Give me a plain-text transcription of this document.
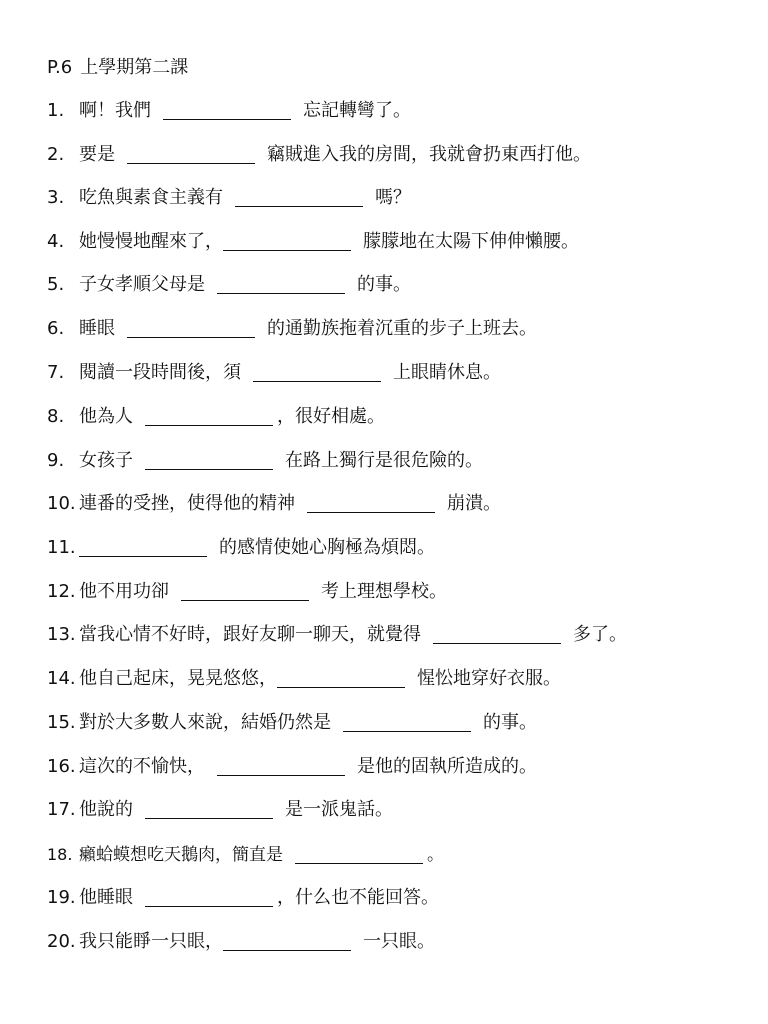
P.6 上學期第二課
1. 啊！我們	忘記轉彎了。
2. 要是	竊賊進入我的房間，我就會扔東西打他。
3. 吃魚與素食主義有	嗎？
4. 她慢慢地醒來了，	朦朦地在太陽下伸伸懶腰。
5. 子女孝順父母是	的事。
6. 睡眼	的通勤族拖着沉重的步子上班去。
7. 閱讀一段時間後，須	上眼睛休息。
8. 他為人	，很好相處。
9. 女孩子	在路上獨行是很危險的。
10. 連番的受挫，使得他的精神	崩潰。
11.	的感情使她心胸極為煩悶。
12. 他不用功卻	考上理想學校。
13. 當我心情不好時，跟好友聊一聊天，就覺得	多了。
14. 他自己起床，晃晃悠悠，	惺忪地穿好衣服。
15. 對於大多數人來說，結婚仍然是	的事。
16. 這次的不愉快，	是他的固執所造成的。
17. 他說的	是一派鬼話。
18. 癩蛤蟆想吃天鵝肉，簡直是	。
19. 他睡眼	，什么也不能回答。
20. 我只能睜一只眼，	一只眼。
